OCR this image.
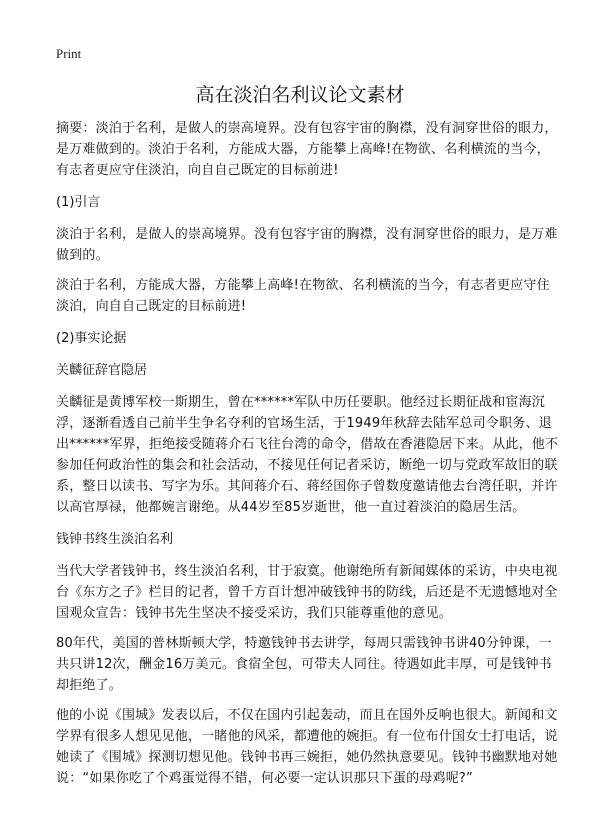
Print
高在淡泊名利议论文素材

摘要：淡泊于名利，是做人的崇高境界。没有包容宇宙的胸襟，没有洞穿世俗的眼力，是万难做到的。淡泊于名利，方能成大器，方能攀上高峰!在物欲、名利横流的当今，有志者更应守住淡泊，向自自己既定的目标前进!

(1)引言

淡泊于名利，是做人的崇高境界。没有包容宇宙的胸襟，没有洞穿世俗的眼力，是万难做到的。

淡泊于名利，方能成大器，方能攀上高峰!在物欲、名利横流的当今，有志者更应守住淡泊，向自自己既定的目标前进!

(2)事实论据

关麟征辞官隐居

关麟征是黄博军校一斯期生，曾在******军队中历任要职。他经过长期征战和宦海沉浮，逐渐看透自己前半生争名夺利的官场生活，于1949年秋辞去陆军总司令职务、退出******军界，拒绝接受随蒋介石飞往台湾的命令，借故在香港隐居下来。从此，他不参加任何政治性的集会和社会活动，不接见任何记者采访，断绝一切与党政军故旧的联系，整日以读书、写字为乐。其间蒋介石、蒋经国你子曾数度邀请他去台湾任职，并许以高官厚禄，他都婉言谢绝。从44岁至85岁逝世，他一直过着淡泊的隐居生活。

钱钟书终生淡泊名利

当代大学者钱钟书，终生淡泊名利，甘于寂寞。他谢绝所有新闻媒体的采访，中央电视台《东方之子》栏目的记者，曾千方百计想冲破钱钟书的防线，后还是不无遗憾地对全国观众宣告：钱钟书先生坚决不接受采访，我们只能尊重他的意见。

80年代，美国的普林斯顿大学，特邀钱钟书去讲学，每周只需钱钟书讲40分钟课，一共只讲12次，酬金16万美元。食宿全包，可带夫人同往。待遇如此丰厚，可是钱钟书却拒绝了。

他的小说《围城》发表以后，不仅在国内引起轰动，而且在国外反响也很大。新闻和文学界有很多人想见见他，一睹他的风采，都遭他的婉拒。有一位布什国女士打电话，说她读了《围城》探测切想见他。钱钟书再三婉拒，她仍然执意要见。钱钟书幽默地对她说：“如果你吃了个鸡蛋觉得不错，何必要一定认识那只下蛋的母鸡呢?”
